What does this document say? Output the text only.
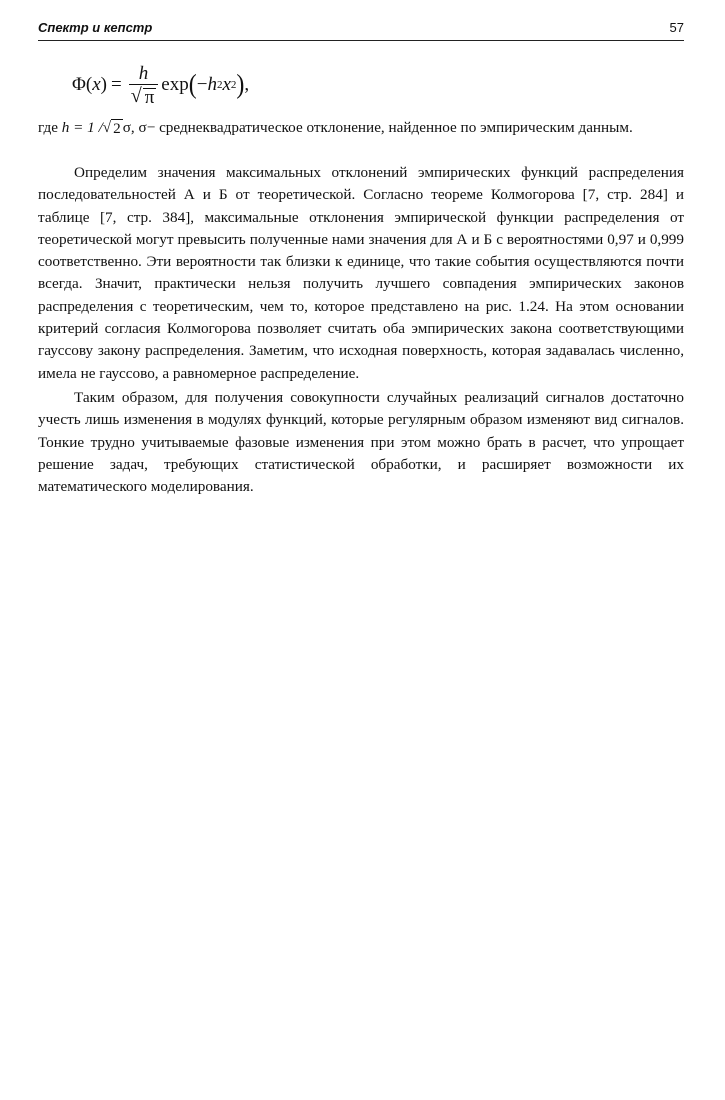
Спектр и кепстр	57
Φ ( x ) = $\frac{h}{√ \pi}$ exp ( − h 2 x 2 ) ,

где h = 1 / √ 2 σ, σ− среднеквадратическое отклонение, найденное по эмпирическим данным.

Определим значения максимальных отклонений эмпирических функций распределения последовательностей А и Б от теоретической. Согласно теореме Колмогорова [7, стр. 284] и таблице [7, стр. 384], максимальные отклонения эмпирической функции распределения от теоретической могут превысить полученные нами значения для А и Б с вероятностями 0,97 и 0,999 соответственно. Эти вероятности так близки к единице, что такие события осуществляются почти всегда. Значит, практически нельзя получить лучшего совпадения эмпирических законов распределения с теоретическим, чем то, которое представлено на рис. 1.24. На этом основании критерий согласия Колмогорова позволяет считать оба эмпирических закона соответствующими гауссову закону распределения. Заметим, что исходная поверхность, которая задавалась численно, имела не гауссово, а равномерное распределение.

Таким образом, для получения совокупности случайных реализаций сигналов достаточно учесть лишь изменения в модулях функций, которые регулярным образом изменяют вид сигналов. Тонкие трудно учитываемые фазовые изменения при этом можно брать в расчет, что упрощает решение задач, требующих статистической обработки, и расширяет возможности их математического моделирования.
